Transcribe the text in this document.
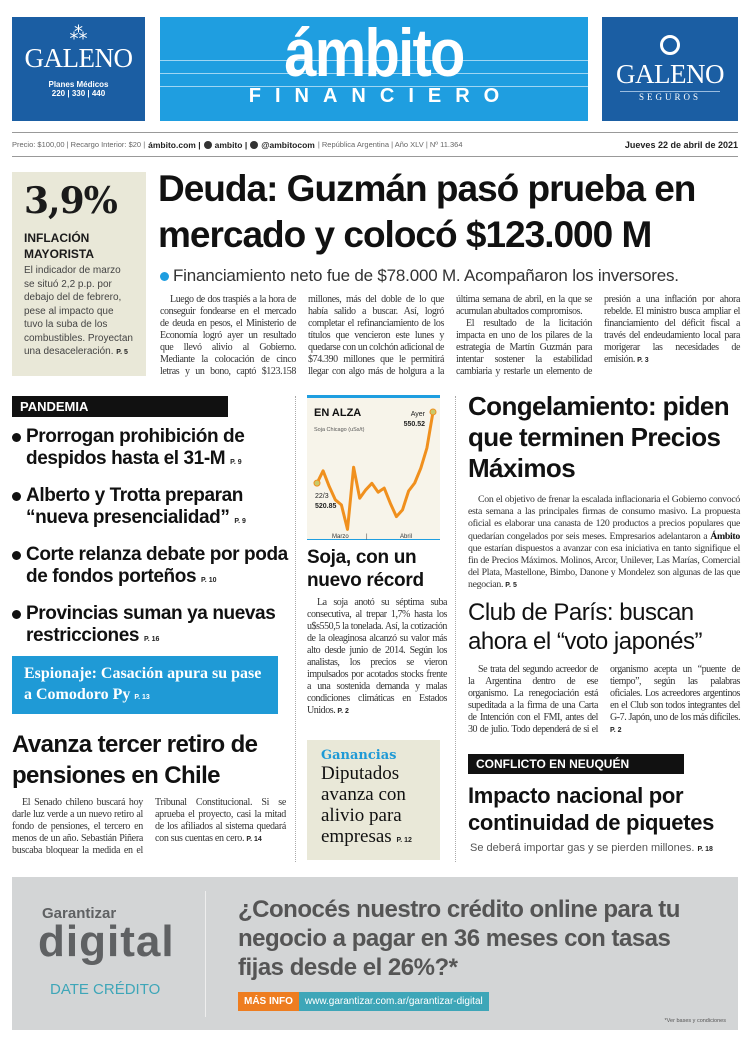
⁂
GALENO
Planes Médicos
220 | 330 | 440
ámbito
FINANCIERO
GALENO
SEGUROS
Precio: $100,00 | Recargo Interior: $20 | ámbito.com | ambito | @ambitocom | República Argentina | Año XLV | Nº 11.364	Jueves 22 de abril de 2021
3,9%
INFLACIÓN MAYORISTA
El indicador de marzo se situó 2,2 p.p. por debajo del de febrero, pese al impacto que tuvo la suba de los combustibles. Proyectan una desaceleración. P. 5
Deuda: Guzmán pasó prueba en mercado y colocó $123.000 M
Financiamiento neto fue de $78.000 M. Acompañaron los inversores.

Luego de dos traspiés a la hora de conseguir fondearse en el mercado de deuda en pesos, el Ministerio de Economía logró ayer un resultado que llevó alivio al Gobierno. Mediante la colocación de cinco letras y un bono, captó $123.158 millones, más del doble de lo que había salido a buscar. Así, logró completar el refinanciamiento de los títulos que vencieron este lunes y quedarse con un colchón adicional de $74.390 millones que le permitirá llegar con algo más de holgura a la última semana de abril, en la que se acumulan abultados compromisos.

El resultado de la licitación impacta en uno de los pilares de la estrategia de Martín Guzmán para intentar sostener la estabilidad cambiaria y restarle un elemento de presión a una inflación por ahora rebelde. El ministro busca ampliar el financiamiento del déficit fiscal a través del endeudamiento local para morigerar las necesidades de emisión. P. 3

PANDEMIA
Prorrogan prohibición de despidos hasta el 31-M P. 9
Alberto y Trotta preparan “nueva presencialidad” P. 9
Corte relanza debate por poda de fondos porteños P. 10
Provincias suman ya nuevas restricciones P. 16
Espionaje: Casación apura su pase a Comodoro Py P. 13
Avanza tercer retiro de pensiones en Chile

El Senado chileno buscará hoy darle luz verde a un nuevo retiro al fondo de pensiones, el tercero en menos de un año. Sebastián Piñera buscaba bloquear la medida en el Tribunal Constitucional. Si se aprueba el proyecto, casi la mitad de los afiliados al sistema quedará con sus cuentas en cero. P. 14

EN ALZA
Soja Chicago (uSs/t)
22/3
520.85
Ayer
550.52
Marzo	|	Abril
Soja, con un nuevo récord

La soja anotó su séptima suba consecutiva, al trepar 1,7% hasta los u$s550,5 la tonelada. Así, la cotización de la oleaginosa alcanzó su valor más alto desde junio de 2014. Según los analistas, los precios se vieron impulsados por acotados stocks frente a una sostenida demanda y malas condiciones climáticas en Estados Unidos. P. 2

Ganancias
Diputados avanza con alivio para empresas P. 12
Congelamiento: piden que terminen Precios Máximos

Con el objetivo de frenar la escalada inflacionaria el Gobierno convocó esta semana a las principales firmas de consumo masivo. La propuesta oficial es elaborar una canasta de 120 productos a precios populares que quedarían congelados por seis meses. Empresarios adelantaron a Ámbito que estarían dispuestos a avanzar con esa iniciativa en tanto signifique el fin de Precios Máximos. Molinos, Arcor, Unilever, Las Marías, Comercial del Plata, Mastellone, Bimbo, Danone y Mondelez son algunas de las que negocian. P. 5

Club de París: buscan ahora el “voto japonés”

Se trata del segundo acreedor de la Argentina dentro de ese organismo. La renegociación está supeditada a la firma de una Carta de Intención con el FMI, antes del 30 de julio. Todo dependerá de si el organismo acepta un “puente de tiempo”, según las palabras oficiales. Los acreedores argentinos en el Club son todos integrantes del G-7. Japón, uno de los más difíciles. P. 2

CONFLICTO EN NEUQUÉN
Impacto nacional por continuidad de piquetes
Se deberá importar gas y se pierden millones. P. 18
Garantizar
digital
DATE CRÉDITO
¿Conocés nuestro crédito online para tu negocio a pagar en 36 meses con tasas fijas desde el 26%?*
MÁS INFO	www.garantizar.com.ar/garantizar-digital
*Ver bases y condiciones
